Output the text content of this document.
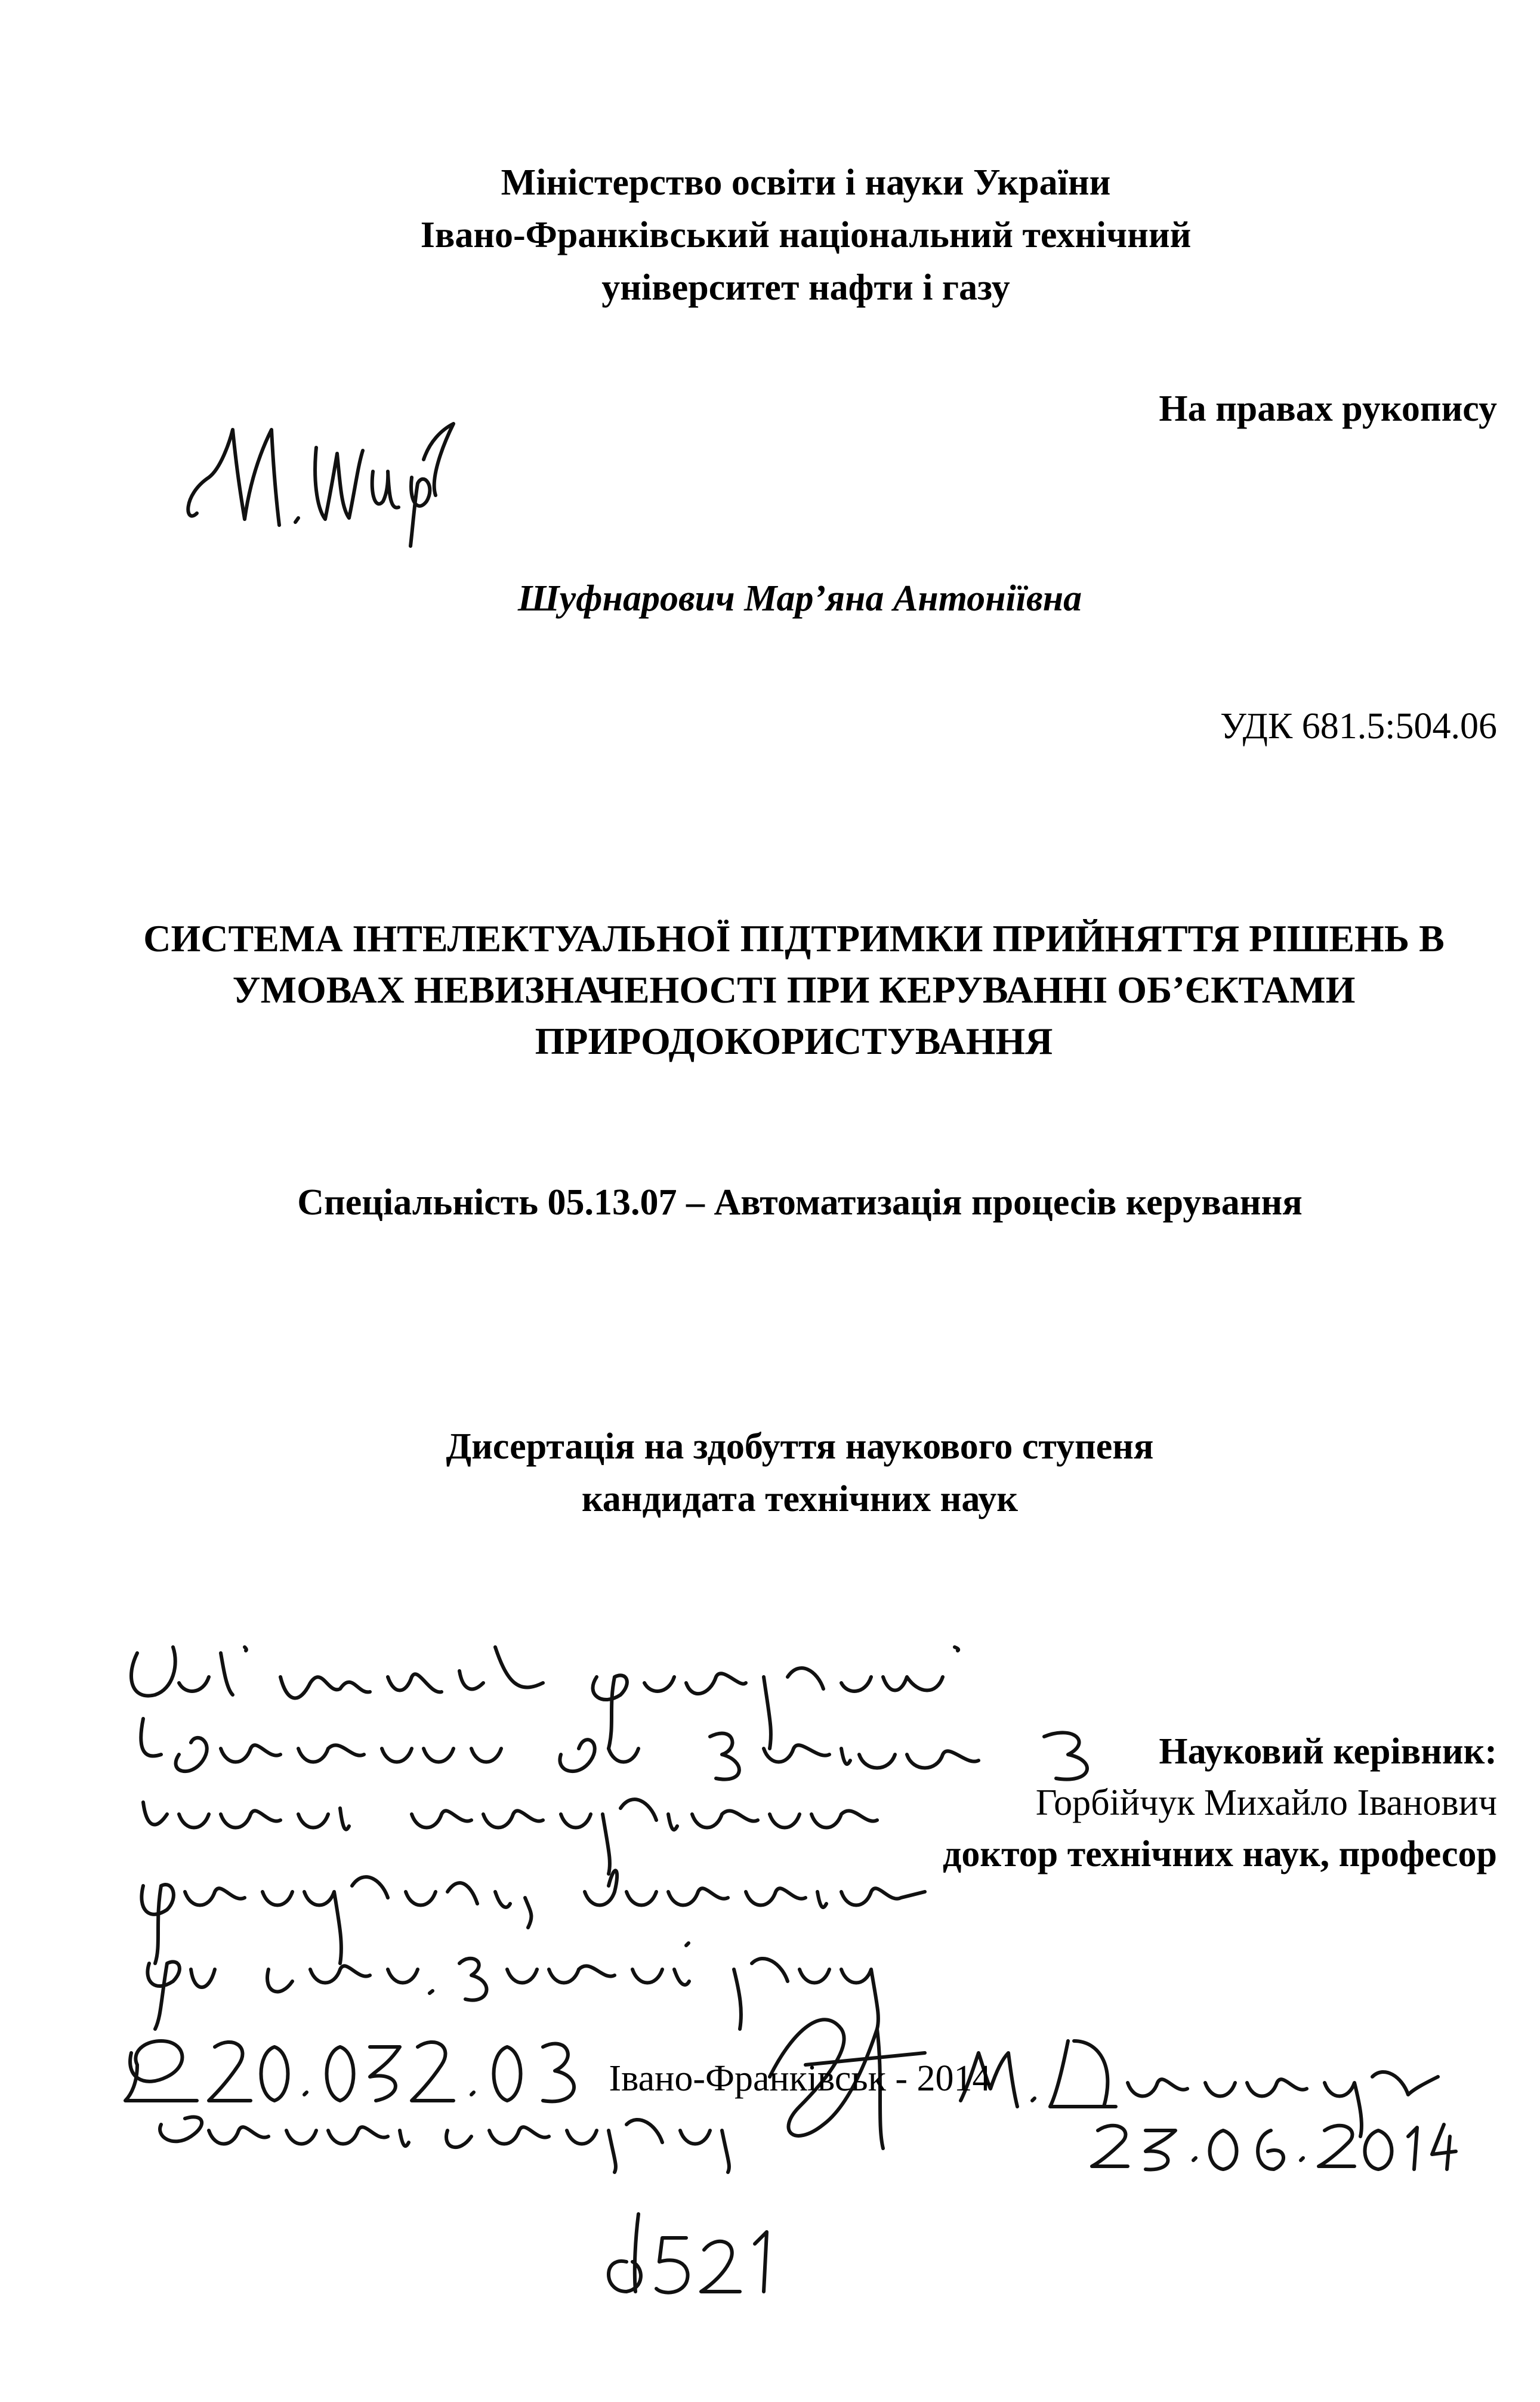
Міністерство освіти і науки України
Івано-Франківський національний технічний
університет нафти і газу
На правах рукопису
Шуфнарович Мар’яна Антоніївна
УДК 681.5:504.06
СИСТЕМА ІНТЕЛЕКТУАЛЬНОЇ ПІДТРИМКИ ПРИЙНЯТТЯ РІШЕНЬ В
УМОВАХ НЕВИЗНАЧЕНОСТІ ПРИ КЕРУВАННІ ОБ’ЄКТАМИ
ПРИРОДОКОРИСТУВАННЯ
Спеціальність 05.13.07 – Автоматизація процесів керування
Дисертація на здобуття наукового ступеня
кандидата технічних наук
Науковий керівник:
Горбійчук Михайло Іванович
доктор технічних наук, професор
Івано-Франківськ - 2014
